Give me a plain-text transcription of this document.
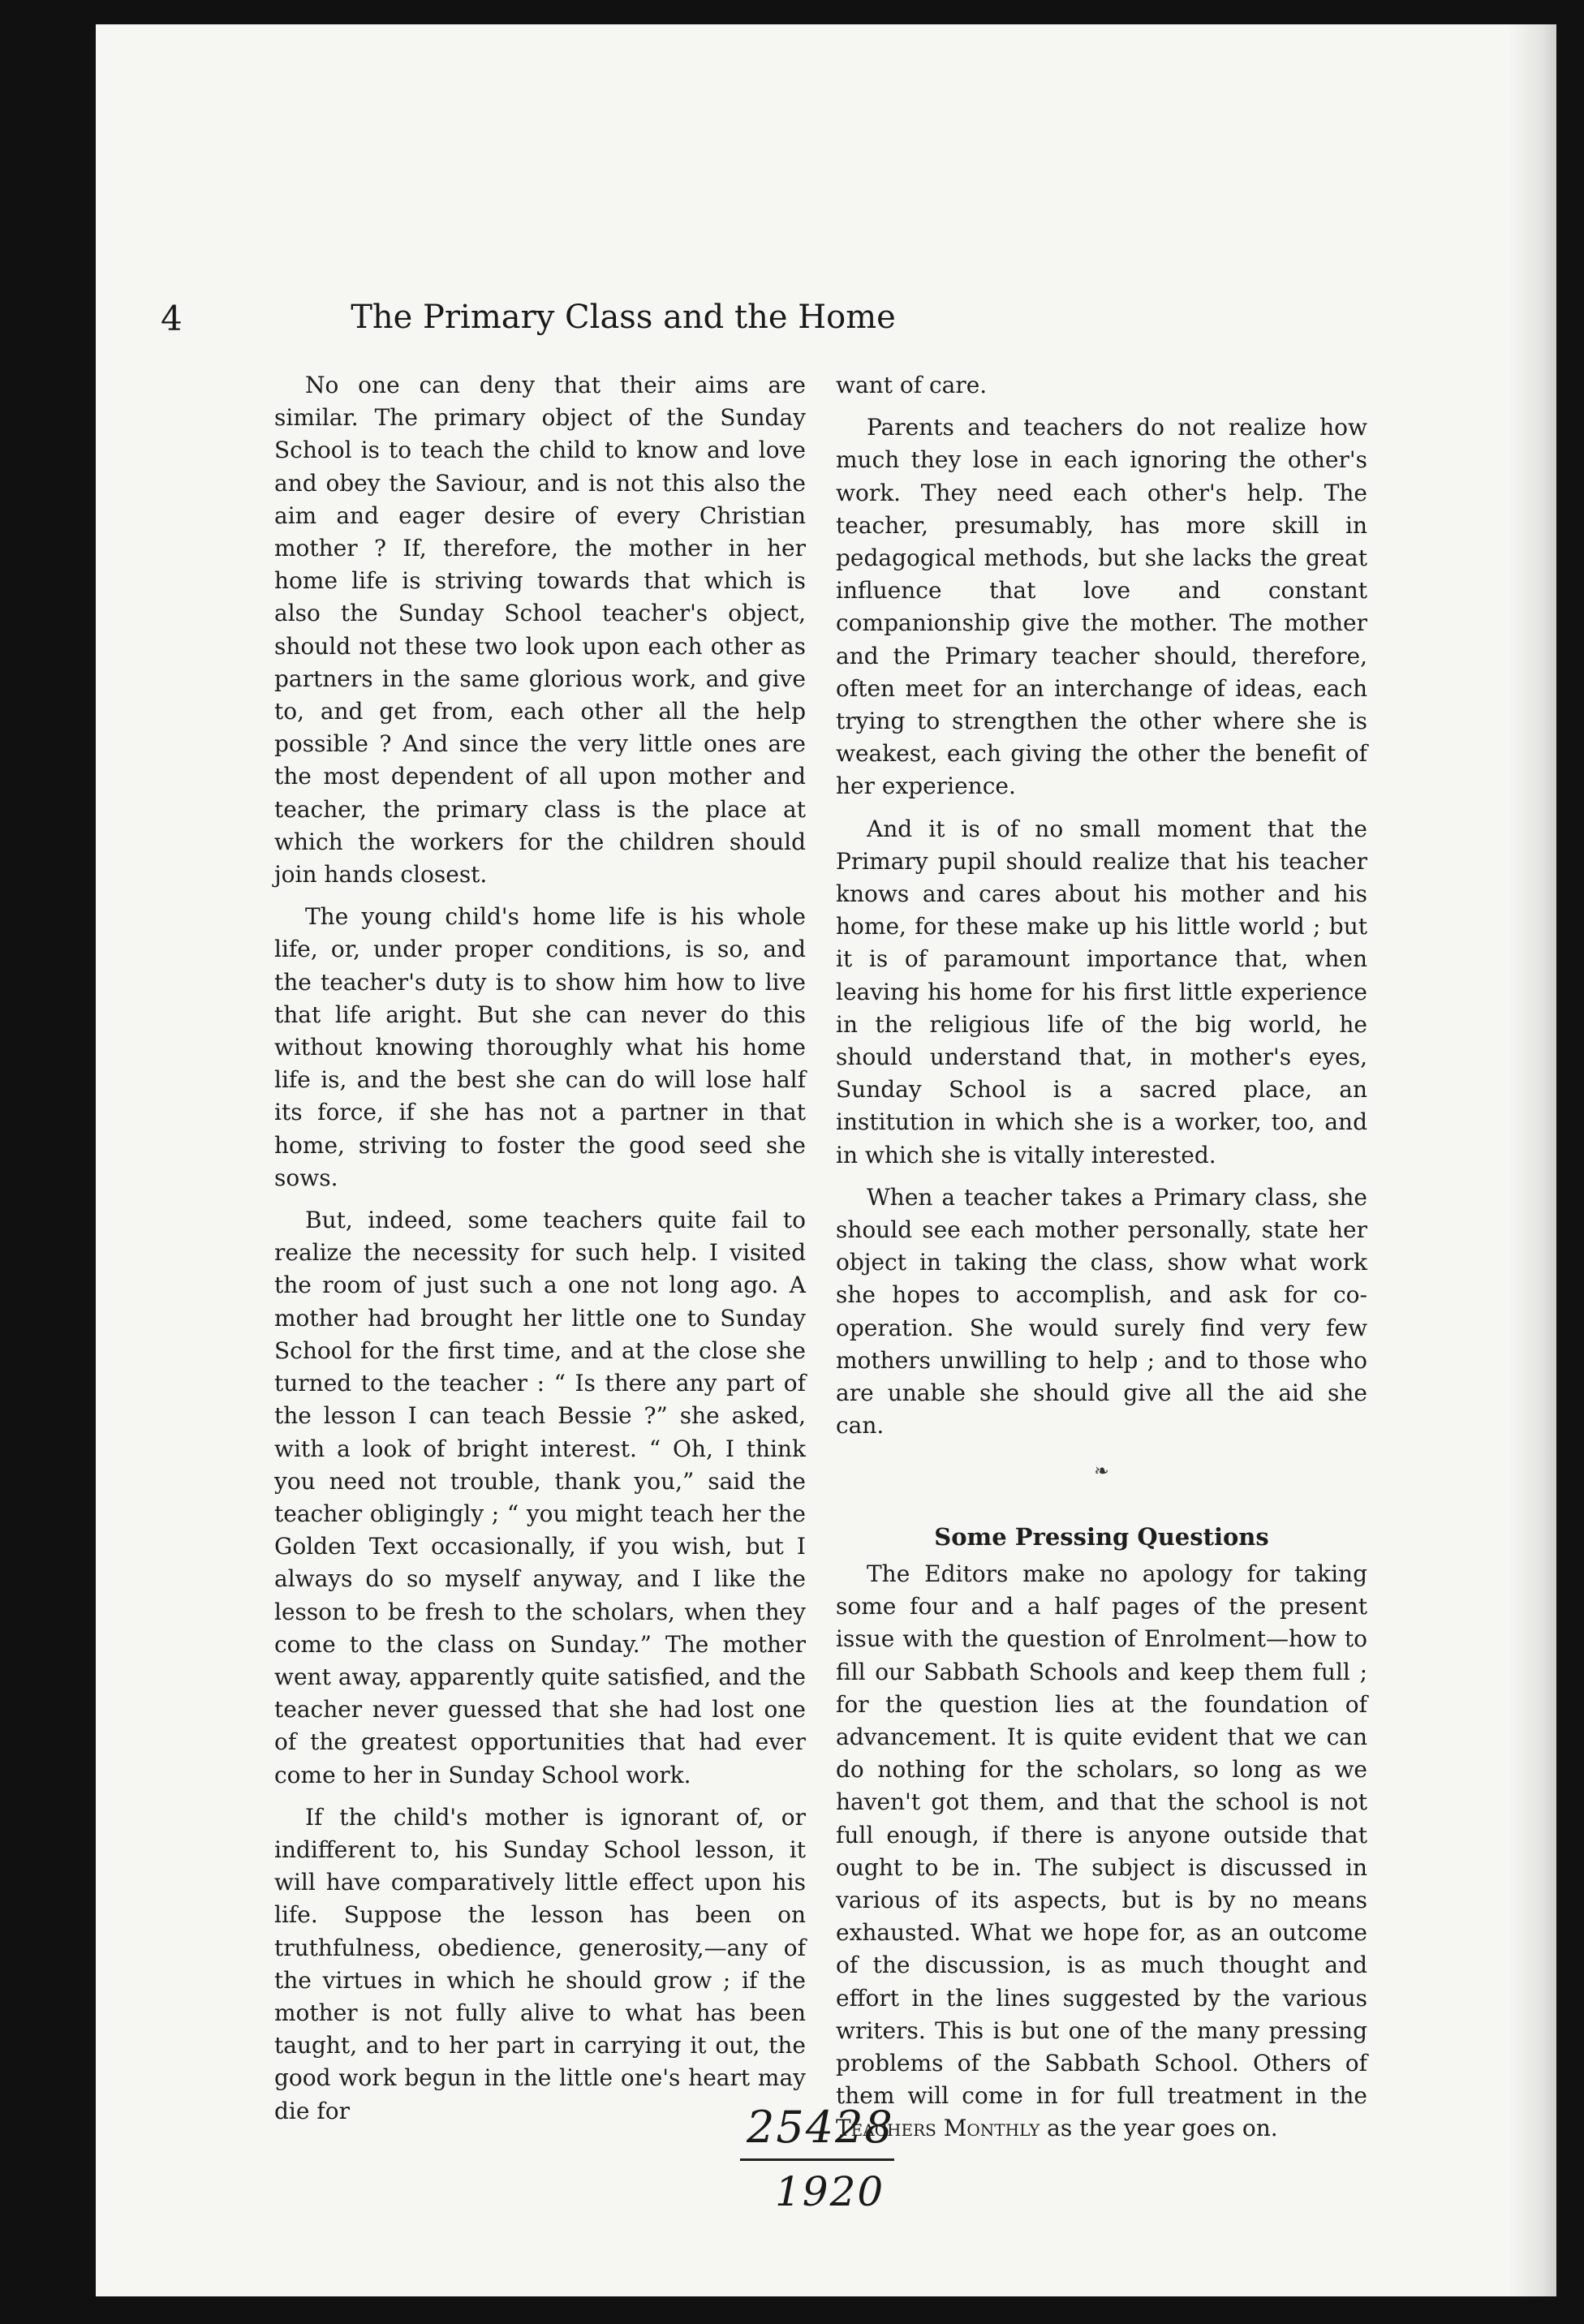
4	The Primary Class and the Home

No one can deny that their aims are similar. The primary object of the Sunday School is to teach the child to know and love and obey the Saviour, and is not this also the aim and eager desire of every Christian mother ? If, therefore, the mother in her home life is striving towards that which is also the Sunday School teacher's object, should not these two look upon each other as partners in the same glorious work, and give to, and get from, each other all the help possible ? And since the very little ones are the most dependent of all upon mother and teacher, the primary class is the place at which the workers for the children should join hands closest.

The young child's home life is his whole life, or, under proper conditions, is so, and the teacher's duty is to show him how to live that life aright. But she can never do this without knowing thoroughly what his home life is, and the best she can do will lose half its force, if she has not a partner in that home, striving to foster the good seed she sows.

But, indeed, some teachers quite fail to realize the necessity for such help. I visited the room of just such a one not long ago. A mother had brought her little one to Sunday School for the first time, and at the close she turned to the teacher : “ Is there any part of the lesson I can teach Bessie ?” she asked, with a look of bright interest. “ Oh, I think you need not trouble, thank you,” said the teacher obligingly ; “ you might teach her the Golden Text occasionally, if you wish, but I always do so myself anyway, and I like the lesson to be fresh to the scholars, when they come to the class on Sunday.” The mother went away, apparently quite satisfied, and the teacher never guessed that she had lost one of the greatest opportunities that had ever come to her in Sunday School work.

If the child's mother is ignorant of, or indifferent to, his Sunday School lesson, it will have comparatively little effect upon his life. Suppose the lesson has been on truthfulness, obedience, generosity,—any of the virtues in which he should grow ; if the mother is not fully alive to what has been taught, and to her part in carrying it out, the good work begun in the little one's heart may die for

want of care.

Parents and teachers do not realize how much they lose in each ignoring the other's work. They need each other's help. The teacher, presumably, has more skill in pedagogical methods, but she lacks the great influence that love and constant companionship give the mother. The mother and the Primary teacher should, therefore, often meet for an interchange of ideas, each trying to strengthen the other where she is weakest, each giving the other the benefit of her experience.

And it is of no small moment that the Primary pupil should realize that his teacher knows and cares about his mother and his home, for these make up his little world ; but it is of paramount importance that, when leaving his home for his first little experience in the religious life of the big world, he should understand that, in mother's eyes, Sunday School is a sacred place, an institution in which she is a worker, too, and in which she is vitally interested.

When a teacher takes a Primary class, she should see each mother personally, state her object in taking the class, show what work she hopes to accomplish, and ask for co-operation. She would surely find very few mothers unwilling to help ; and to those who are unable she should give all the aid she can.

❧
Some Pressing Questions

The Editors make no apology for taking some four and a half pages of the present issue with the question of Enrolment—how to fill our Sabbath Schools and keep them full ; for the question lies at the foundation of advancement. It is quite evident that we can do nothing for the scholars, so long as we haven't got them, and that the school is not full enough, if there is anyone outside that ought to be in. The subject is discussed in various of its aspects, but is by no means exhausted. What we hope for, as an outcome of the discussion, is as much thought and effort in the lines suggested by the various writers. This is but one of the many pressing problems of the Sabbath School. Others of them will come in for full treatment in the Teachers Monthly as the year goes on.

25428
1920
